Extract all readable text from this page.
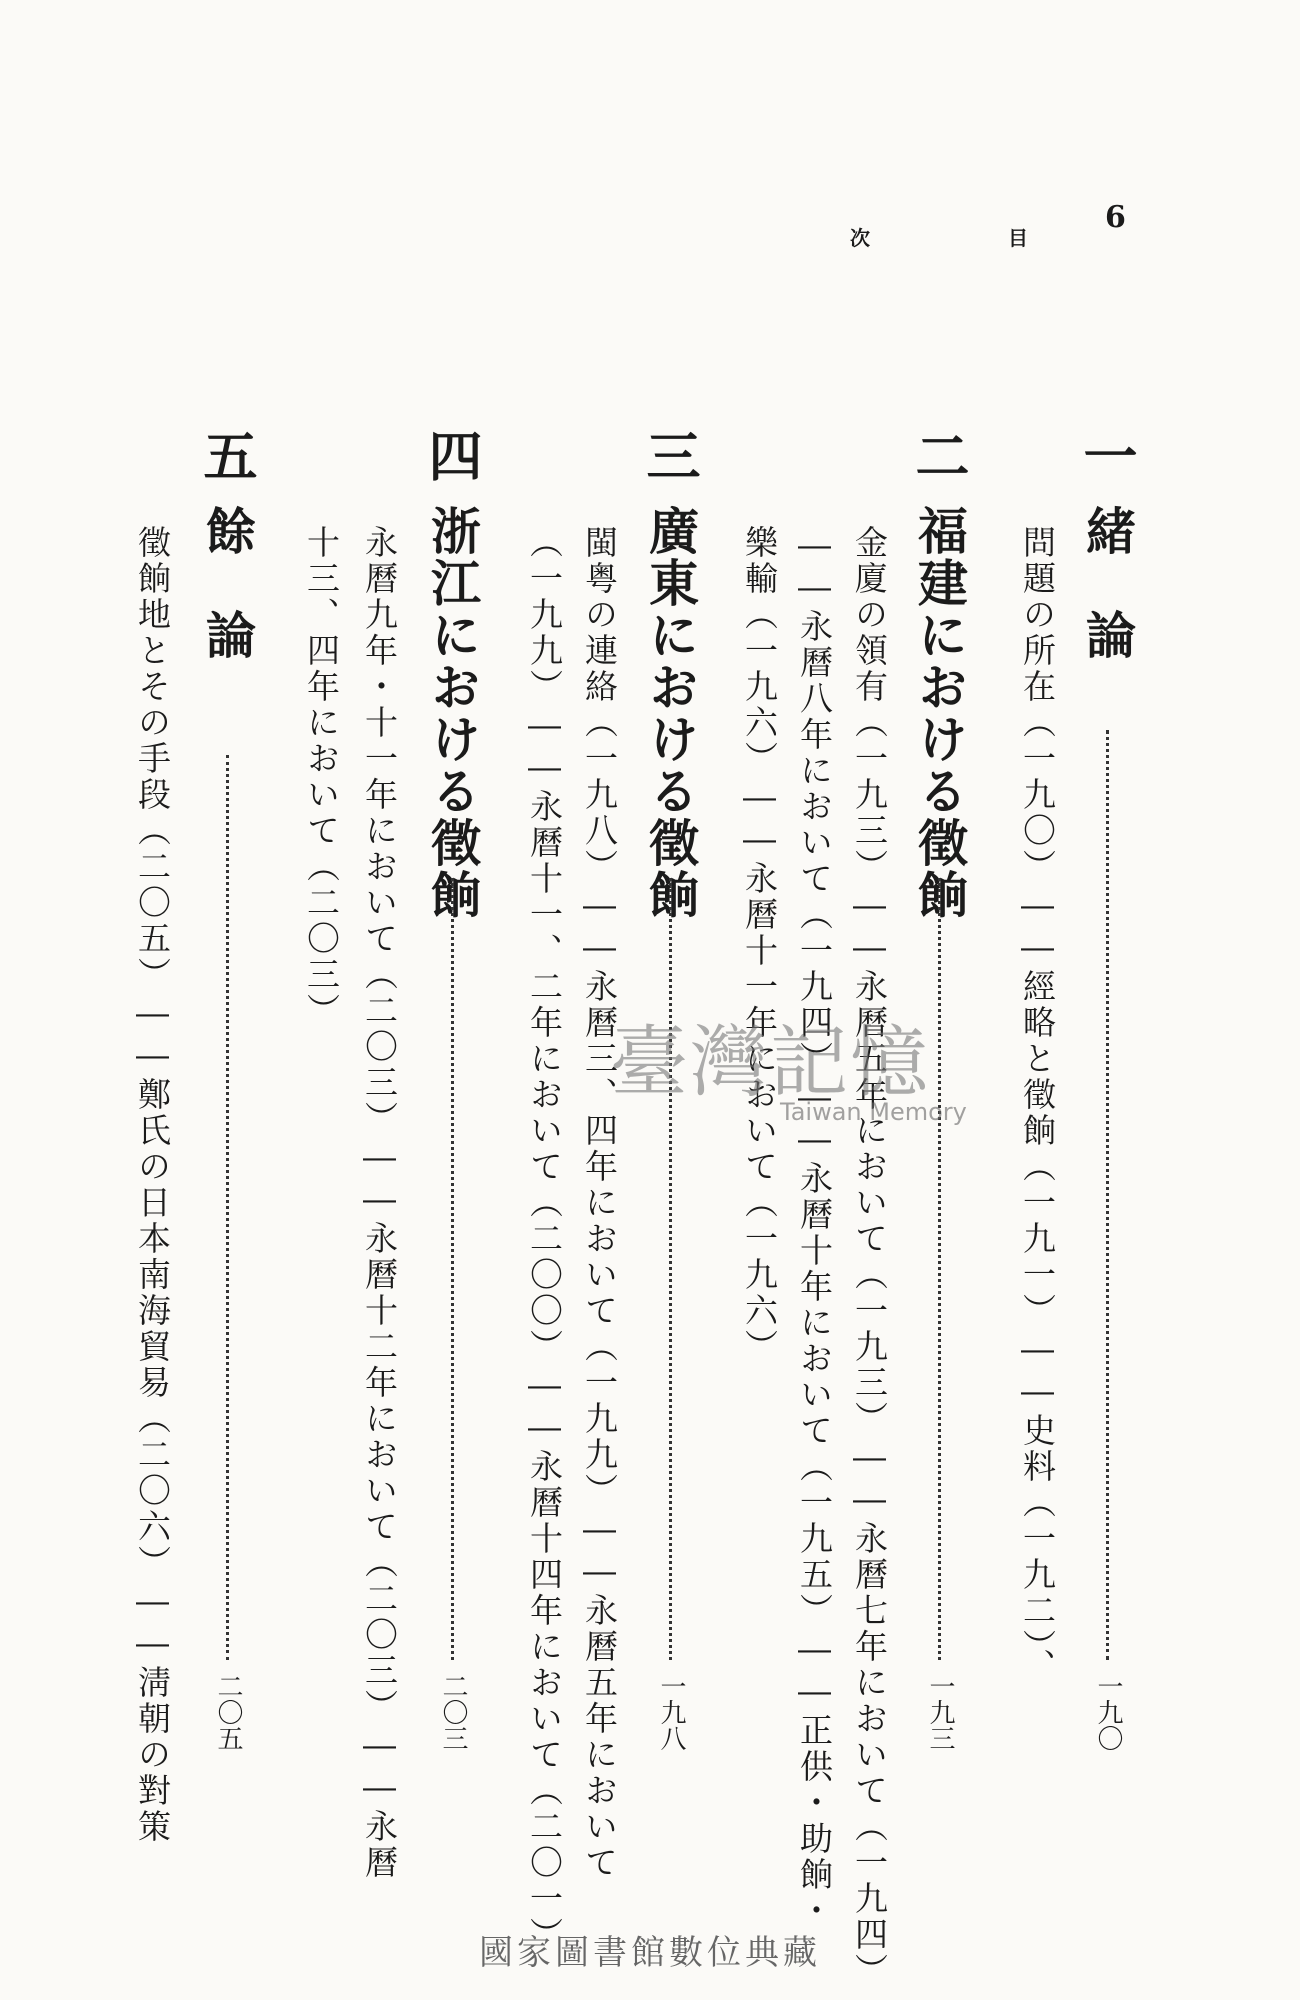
6
目
次
一
緒　論
一九〇
問題の所在（一九〇）――經略と徵餉（一九一）――史料（一九二）、
二
福建における徵餉
一九三
金廈の領有（一九三）――永曆五年において（一九三）――永曆七年において（一九四）
――永曆八年において（一九四）――永曆十年において（一九五）――正供・助餉・
樂輸（一九六）――永曆十一年において（一九六）
三
廣東における徵餉
一九八
閩粤の連絡（一九八）――永曆三、四年において（一九九）――永曆五年において
（一九九）――永曆十一、二年において（二〇〇）――永曆十四年において（二〇一）
四
浙江における徵餉
二〇三
永曆九年・十一年において（二〇三）――永曆十二年において（二〇三）――永曆
十三、四年において（二〇三）
五
餘　論
二〇五
徵餉地とその手段（二〇五）――鄭氏の日本南海貿易（二〇六）――淸朝の對策	臺灣記憶
Taiwan Memory
國家圖書館數位典藏
